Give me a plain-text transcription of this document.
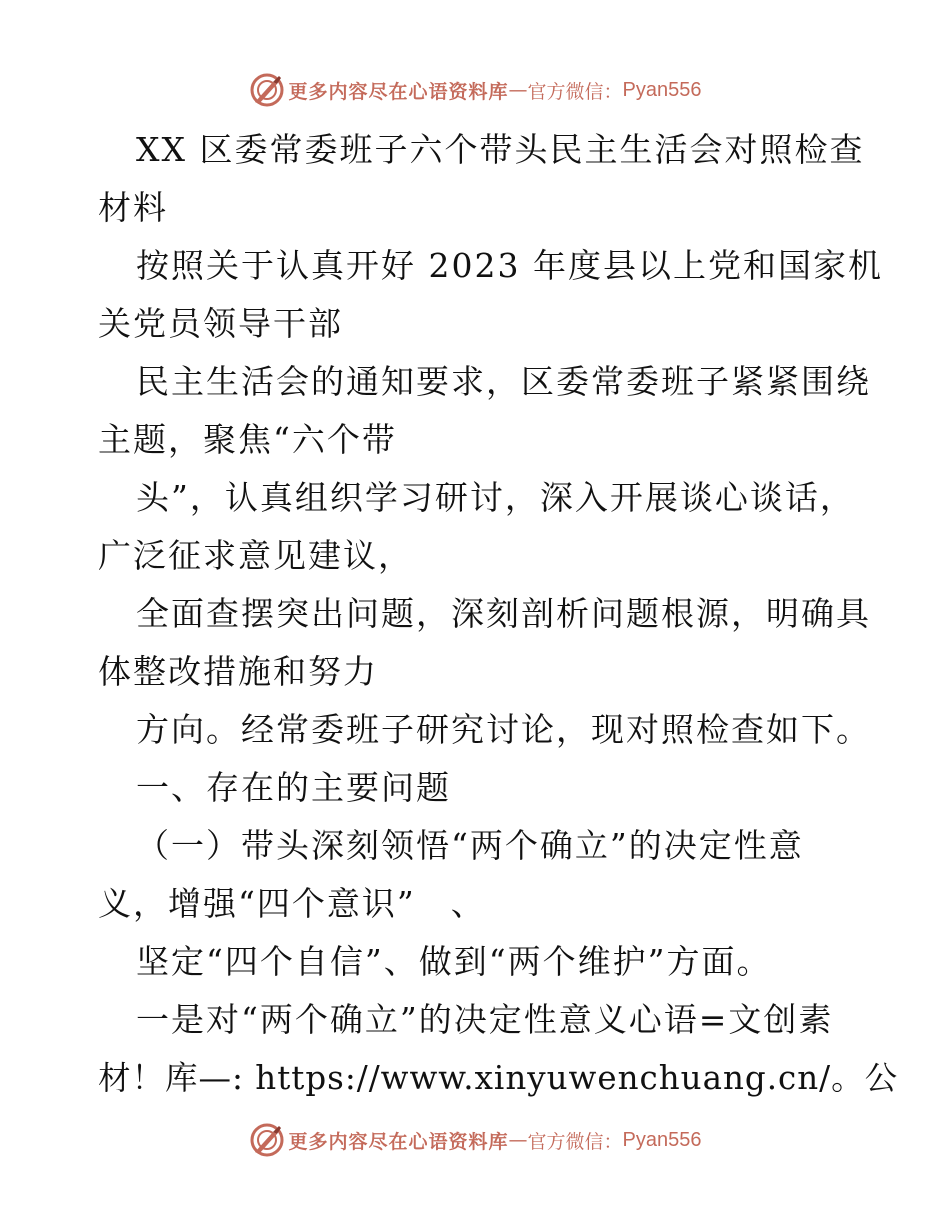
更多内容尽在心语资料库 — 官方微信： Pyan556
XX 区委常委班子六个带头民主生活会对照检查
材料
按照关于认真开好 2023 年度县以上党和国家机
关党员领导干部
民主生活会的通知要求，区委常委班子紧紧围绕
主题，聚焦“六个带
头”，认真组织学习研讨，深入开展谈心谈话，
广泛征求意见建议，
全面查摆突出问题，深刻剖析问题根源，明确具
体整改措施和努力
方向。经常委班子研究讨论，现对照检查如下。
一、存在的主要问题
（一）带头深刻领悟“两个确立”的决定性意
义，增强“四个意识”　、
坚定“四个自信”、做到“两个维护”方面。
一是对“两个确立”的决定性意义心语=文创素
材！库—: https://www.xinyuwenchuang.cn/。公
更多内容尽在心语资料库 — 官方微信： Pyan556
